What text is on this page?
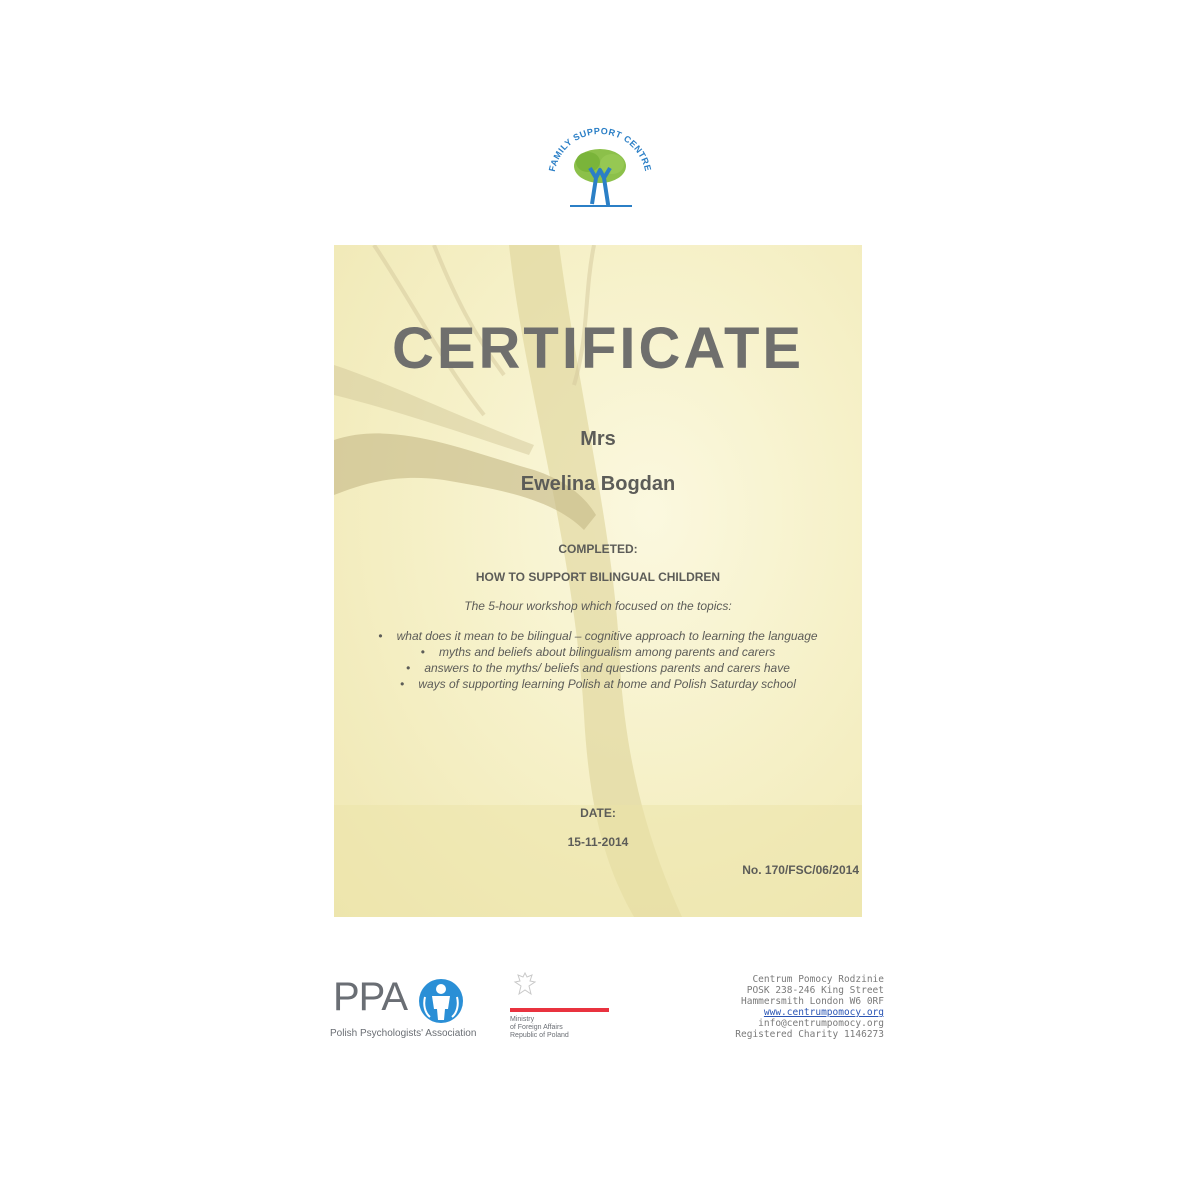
FAMILY SUPPORT CENTRE
CERTIFICATE
Mrs
Ewelina Bogdan
COMPLETED:
HOW TO SUPPORT BILINGUAL CHILDREN
The 5-hour workshop which focused on the topics:
• what does it mean to be bilingual – cognitive approach to learning the language
• myths and beliefs about bilingualism among parents and carers
• answers to the myths/ beliefs and questions parents and carers have
• ways of supporting learning Polish at home and Polish Saturday school
DATE:
15-11-2014
No. 170/FSC/06/2014
PPA
Polish Psychologists' Association
Ministry
of Foreign Affairs
Republic of Poland
Centrum Pomocy Rodzinie
POSK 238-246 King Street
Hammersmith London W6 0RF
www.centrumpomocy.org
info@centrumpomocy.org
Registered Charity 1146273
